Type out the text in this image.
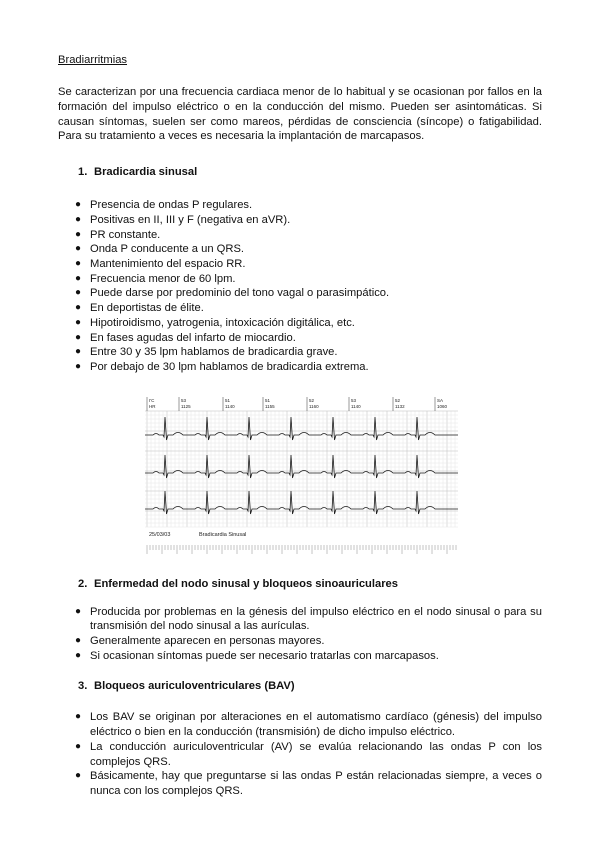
Bradiarritmias

Se caracterizan por una frecuencia cardiaca menor de lo habitual y se ocasionan por fallos en la formación del impulso eléctrico o en la conducción del mismo. Pueden ser asintomáticas. Si causan síntomas, suelen ser como mareos, pérdidas de consciencia (síncope) o fatigabilidad. Para su tratamiento a veces es necesaria la implantación de marcapasos.

1. Bradicardia sinusal

● Presencia de ondas P regulares.
● Positivas en II, III y F (negativa en aVR).
● PR constante.
● Onda P conducente a un QRS.
● Mantenimiento del espacio RR.
● Frecuencia menor de 60 lpm.
● Puede darse por predominio del tono vagal o parasimpático.
● En deportistas de élite.
● Hipotiroidismo, yatrogenia, intoxicación digitálica, etc.
● En fases agudas del infarto de miocardio.
● Entre 30 y 35 lpm hablamos de bradicardia grave.
● Por debajo de 30 lpm hablamos de bradicardia extrema.
I'C
HR
53
1125
51
1140
51
1155
52
1160
53
1140
52
1132
SA
1060
25/03/03	Bradicardia Sinusal

2. Enfermedad del nodo sinusal y bloqueos sinoauriculares

● Producida por problemas en la génesis del impulso eléctrico en el nodo sinusal o para su transmisión del nodo sinusal a las aurículas.
● Generalmente aparecen en personas mayores.
● Si ocasionan síntomas puede ser necesario tratarlas con marcapasos.

3. Bloqueos auriculoventriculares (BAV)

● Los BAV se originan por alteraciones en el automatismo cardíaco (génesis) del impulso eléctrico o bien en la conducción (transmisión) de dicho impulso eléctrico.
● La conducción auriculoventricular (AV) se evalúa relacionando las ondas P con los complejos QRS.
● Básicamente, hay que preguntarse si las ondas P están relacionadas siempre, a veces o nunca con los complejos QRS.
